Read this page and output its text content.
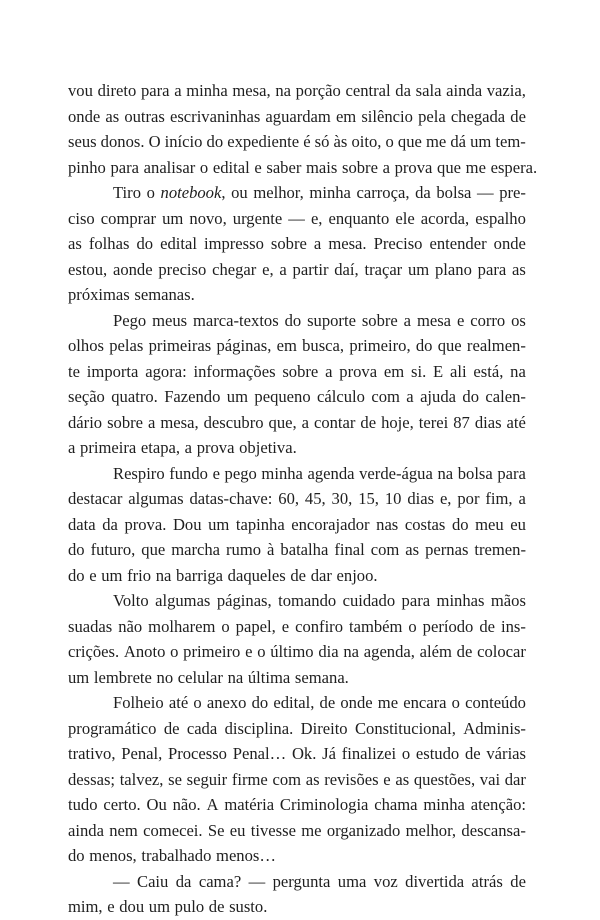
vou direto para a minha mesa, na porção central da sala ainda vazia,
onde as outras escrivaninhas aguardam em silêncio pela chegada de
seus donos. O início do expediente é só às oito, o que me dá um tem-
pinho para analisar o edital e saber mais sobre a prova que me espera.
Tiro o notebook, ou melhor, minha carroça, da bolsa — pre-
ciso comprar um novo, urgente — e, enquanto ele acorda, espalho
as folhas do edital impresso sobre a mesa. Preciso entender onde
estou, aonde preciso chegar e, a partir daí, traçar um plano para as
próximas semanas.
Pego meus marca-textos do suporte sobre a mesa e corro os
olhos pelas primeiras páginas, em busca, primeiro, do que realmen-
te importa agora: informações sobre a prova em si. E ali está, na
seção quatro. Fazendo um pequeno cálculo com a ajuda do calen-
dário sobre a mesa, descubro que, a contar de hoje, terei 87 dias até
a primeira etapa, a prova objetiva.
Respiro fundo e pego minha agenda verde-água na bolsa para
destacar algumas datas-chave: 60, 45, 30, 15, 10 dias e, por fim, a
data da prova. Dou um tapinha encorajador nas costas do meu eu
do futuro, que marcha rumo à batalha final com as pernas tremen-
do e um frio na barriga daqueles de dar enjoo.
Volto algumas páginas, tomando cuidado para minhas mãos
suadas não molharem o papel, e confiro também o período de ins-
crições. Anoto o primeiro e o último dia na agenda, além de colocar
um lembrete no celular na última semana.
Folheio até o anexo do edital, de onde me encara o conteúdo
programático de cada disciplina. Direito Constitucional, Adminis-
trativo, Penal, Processo Penal… Ok. Já finalizei o estudo de várias
dessas; talvez, se seguir firme com as revisões e as questões, vai dar
tudo certo. Ou não. A matéria Criminologia chama minha atenção:
ainda nem comecei. Se eu tivesse me organizado melhor, descansa-
do menos, trabalhado menos…
— Caiu da cama? — pergunta uma voz divertida atrás de
mim, e dou um pulo de susto.
